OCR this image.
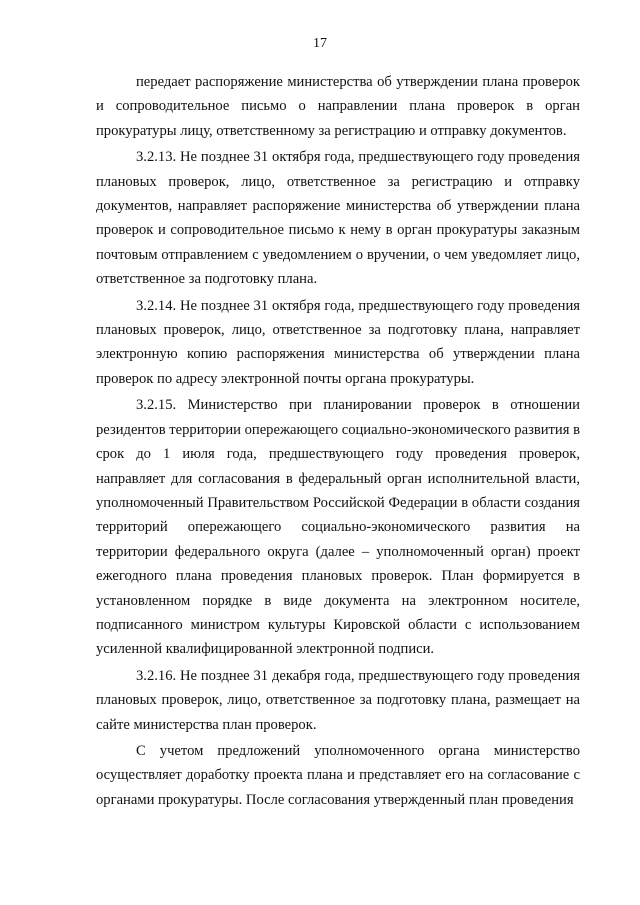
17

передает распоряжение министерства об утверждении плана проверок и сопроводительное письмо о направлении плана проверок в орган прокуратуры лицу, ответственному за регистрацию и отправку документов.

3.2.13. Не позднее 31 октября года, предшествующего году проведения плановых проверок, лицо, ответственное за регистрацию и отправку документов, направляет распоряжение министерства об утверждении плана проверок и сопроводительное письмо к нему в орган прокуратуры заказным почтовым отправлением с уведомлением о вручении, о чем уведомляет лицо, ответственное за подготовку плана.

3.2.14. Не позднее 31 октября года, предшествующего году проведения плановых проверок, лицо, ответственное за подготовку плана, направляет электронную копию распоряжения министерства об утверждении плана проверок по адресу электронной почты органа прокуратуры.

3.2.15. Министерство при планировании проверок в отношении резидентов территории опережающего социально-экономического развития в срок до 1 июля года, предшествующего году проведения проверок, направляет для согласования в федеральный орган исполнительной власти, уполномоченный Правительством Российской Федерации в области создания территорий опережающего социально-экономического развития на территории федерального округа (далее – уполномоченный орган) проект ежегодного плана проведения плановых проверок. План формируется в установленном порядке в виде документа на электронном носителе, подписанного министром культуры Кировской области с использованием усиленной квалифицированной электронной подписи.

3.2.16. Не позднее 31 декабря года, предшествующего году проведения плановых проверок, лицо, ответственное за подготовку плана, размещает на сайте министерства план проверок.

С учетом предложений уполномоченного органа министерство осуществляет доработку проекта плана и представляет его на согласование с органами прокуратуры. После согласования утвержденный план проведения
